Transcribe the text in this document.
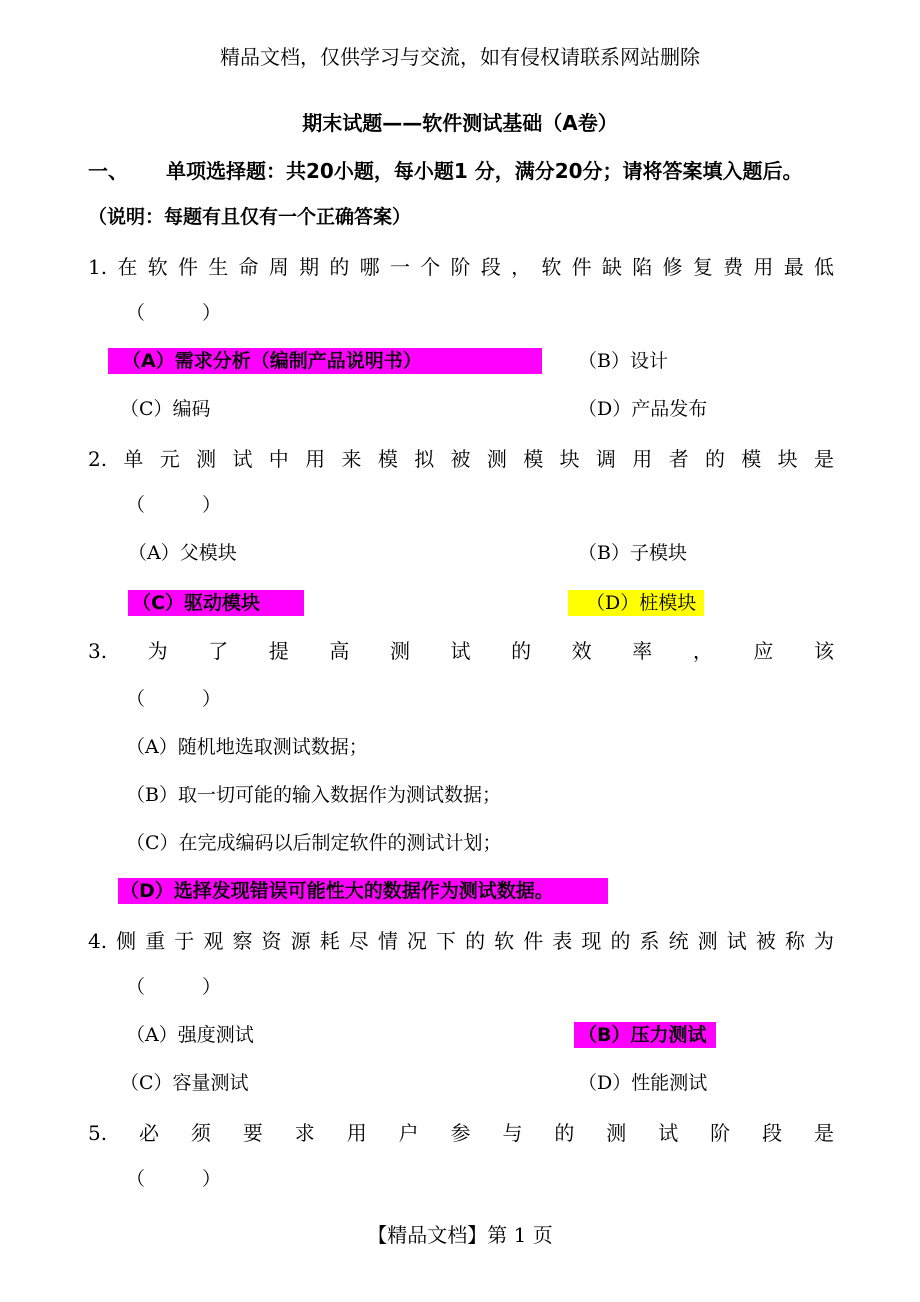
精品文档，仅供学习与交流，如有侵权请联系网站删除
期末试题——软件测试基础（A卷）
一、 单项选择题：共20小题，每小题1 分，满分20分；请将答案填入题后。
（说明：每题有且仅有一个正确答案）
1.在软件生命周期的哪一个阶段，软件缺陷修复费用最低
（　　　）
（A）需求分析（编制产品说明书）	（B）设计
（C）编码	（D）产品发布
2.单元测试中用来模拟被测模块调用者的模块是
（　　　）
（A）父模块	（B）子模块
（C）驱动模块	（D）桩模块
3.为了提高测试的效率，应该
（　　　）
（A）随机地选取测试数据；
（B）取一切可能的输入数据作为测试数据；
（C）在完成编码以后制定软件的测试计划；
（D）选择发现错误可能性大的数据作为测试数据。
4.侧重于观察资源耗尽情况下的软件表现的系统测试被称为
（　　　）
（A）强度测试	（B）压力测试
（C）容量测试	（D）性能测试
5.必须要求用户参与的测试阶段是
（　　　）
【精品文档】第 1 页
